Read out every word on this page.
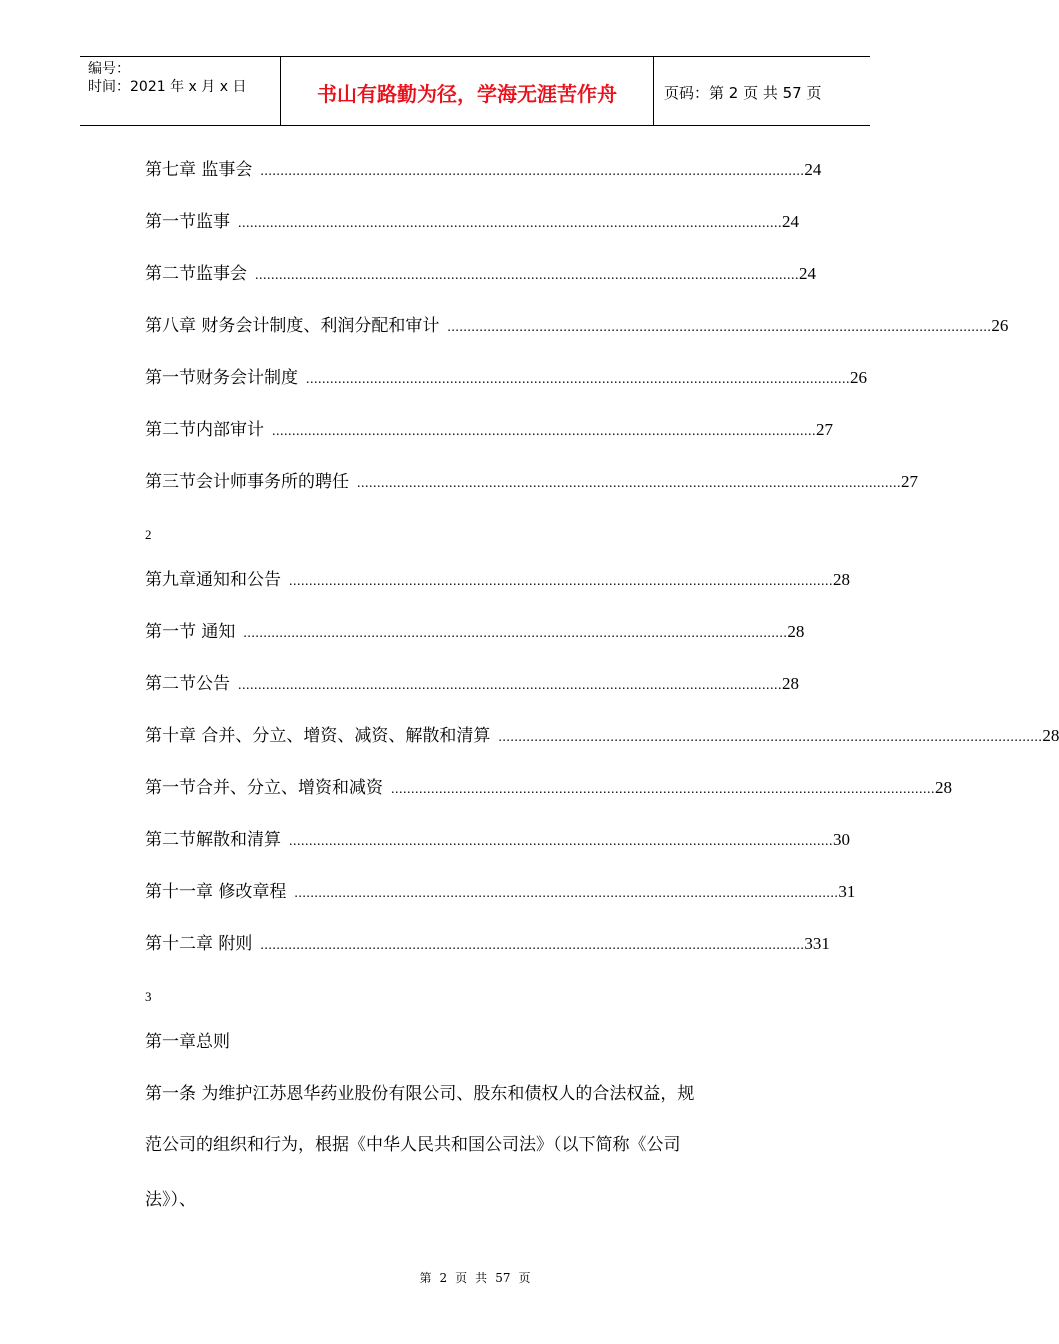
编号：
时间：2021 年 x 月 x 日	书山有路勤为径，学海无涯苦作舟	页码：第 2 页 共 57 页
第七章 监事会 ........................................................................................................................................ 24
第一节监事 ........................................................................................................................................ 24
第二节监事会 ........................................................................................................................................ 24
第八章 财务会计制度、利润分配和审计 ........................................................................................................................................ 26
第一节财务会计制度 ........................................................................................................................................ 26
第二节内部审计 ........................................................................................................................................ 27
第三节会计师事务所的聘任 ........................................................................................................................................ 27
2
第九章通知和公告 ........................................................................................................................................ 28
第一节 通知 ........................................................................................................................................ 28
第二节公告 ........................................................................................................................................ 28
第十章 合并、分立、增资、减资、解散和清算 ........................................................................................................................................ 28
第一节合并、分立、增资和减资 ........................................................................................................................................ 28
第二节解散和清算 ........................................................................................................................................ 30
第十一章 修改章程 ........................................................................................................................................ 31
第十二章 附则 ........................................................................................................................................ 331
3
第一章总则
第一条 为维护江苏恩华药业股份有限公司、股东和债权人的合法权益，规
范公司的组织和行为，根据《中华人民共和国公司法》（以下简称《公司
法》）、
第 2 页 共 57 页
